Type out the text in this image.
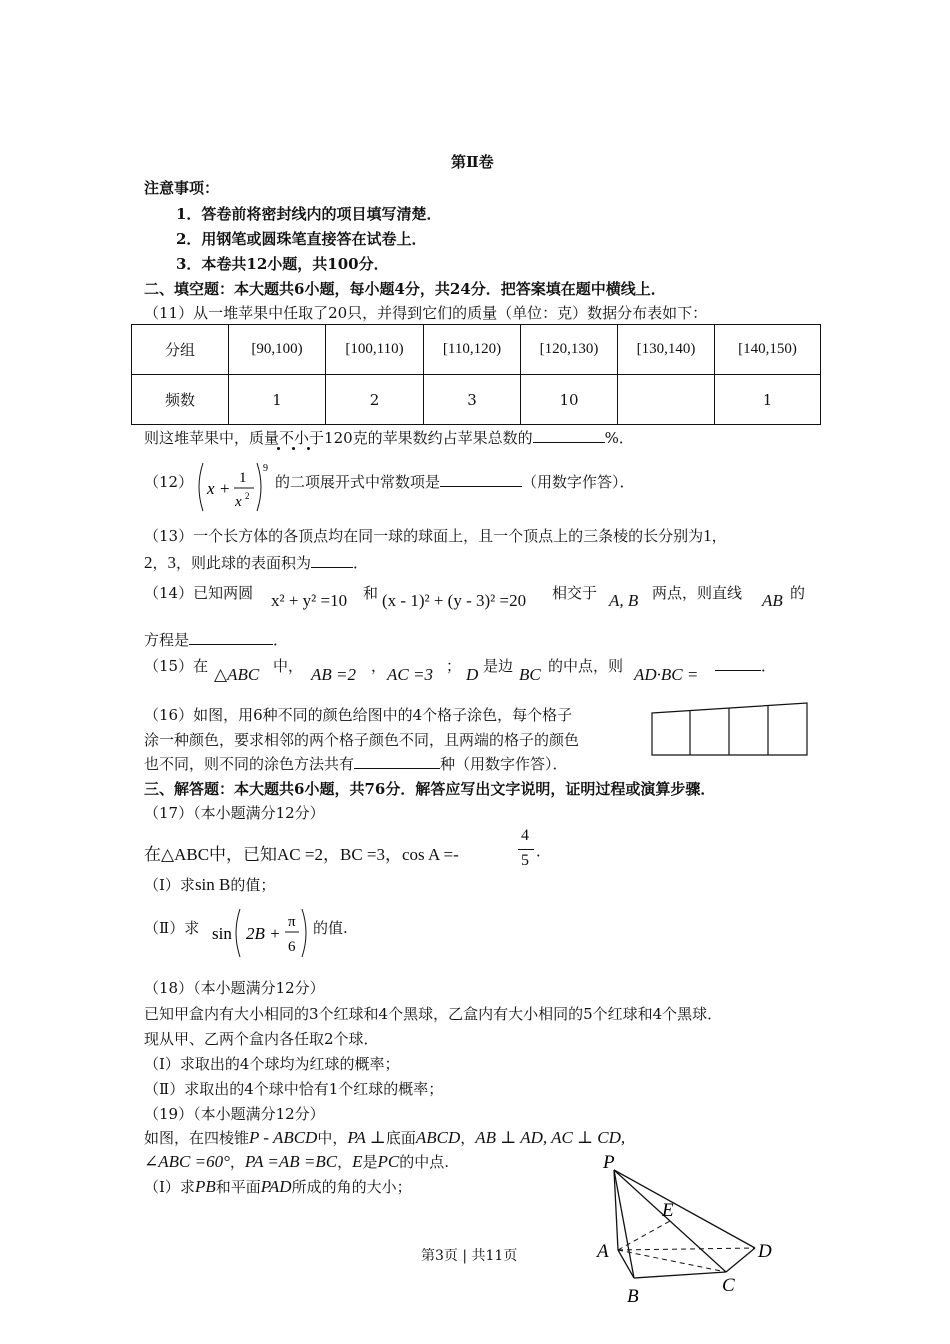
第Ⅱ卷
注意事项：
1．答卷前将密封线内的项目填写清楚．
2．用钢笔或圆珠笔直接答在试卷上．
3．本卷共12小题，共100分．
二、填空题：本大题共6小题，每小题4分，共24分．把答案填在题中横线上．
（11）从一堆苹果中任取了20只，并得到它们的质量（单位：克）数据分布表如下：
分组	[90,100)	[100,110)	[110,120)	[120,130)	[130,140)	[140,150)
频数	1	2	3	10		1
则这堆苹果中，质量不小于120克的苹果数约占苹果总数的	%．
（12） x +
1
x 2
9
的二项展开式中常数项是	（用数字作答）．
（13）一个长方体的各顶点均在同一球的球面上，且一个顶点上的三条棱的长分别为1，
2，3，则此球的表面积为	．
（14）已知两圆 x² + y² =10 和 (x - 1)² + (y - 3)² =20 相交于 A, B 两点，则直线 AB 的
方程是	．
（15）在 △ABC 中， AB =2 ， AC =3 ； D 是边 BC 的中点，则 AD·BC =	．
（16）如图，用6种不同的颜色给图中的4个格子涂色，每个格子
涂一种颜色，要求相邻的两个格子颜色不同，且两端的格子的颜色
也不同，则不同的涂色方法共有	种（用数字作答）．
三、解答题：本大题共6小题，共76分．解答应写出文字说明，证明过程或演算步骤．
（17）（本小题满分12分）
在△ABC中，已知AC =2，BC =3，cos A =-
4
5
．
（Ⅰ）求sin B的值；
（Ⅱ）求 sin 2B +
π
6
的值.
（18）（本小题满分12分）
已知甲盒内有大小相同的3个红球和4个黑球，乙盒内有大小相同的5个红球和4个黑球．
现从甲、乙两个盒内各任取2个球．
（Ⅰ）求取出的4个球均为红球的概率；
（Ⅱ）求取出的4个球中恰有1个红球的概率；
（19）（本小题满分12分）
如图，在四棱锥P - ABCD中，PA ⊥底面ABCD，AB ⊥ AD, AC ⊥ CD,
∠ABC =60°，PA =AB =BC，E是PC的中点.
（Ⅰ）求PB和平面PAD所成的角的大小；
P
E
A	D
C
B
第3页 | 共11页
